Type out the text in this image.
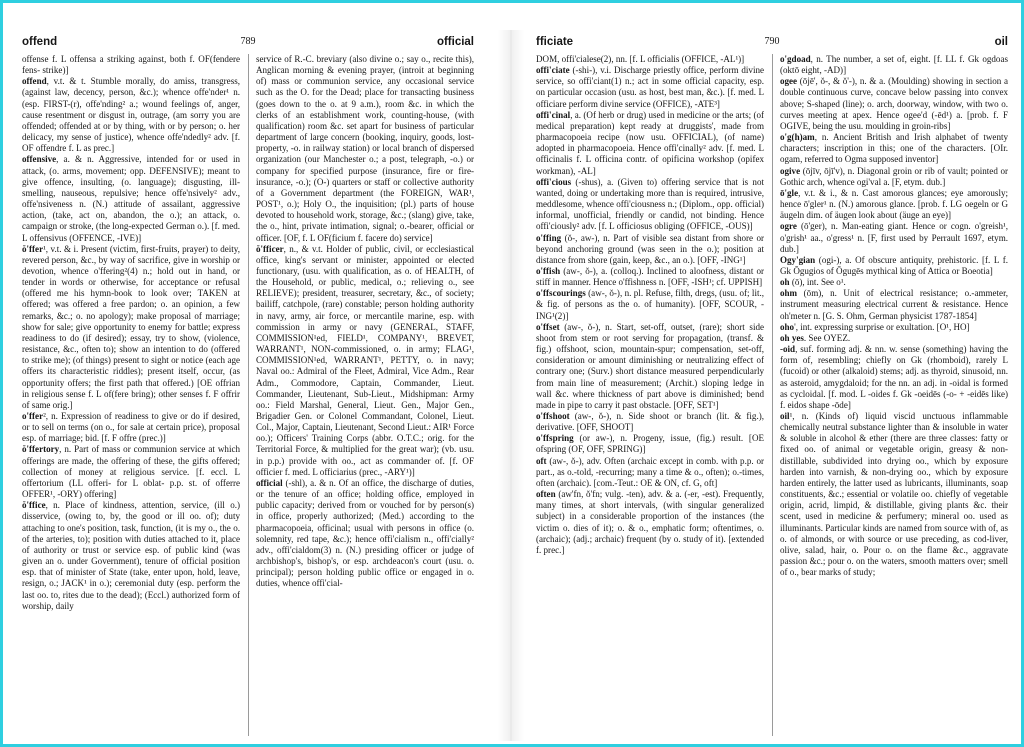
offend	789	official

offense f. L offensa a striking against, both f. OF(fendere fens- strike)]

offend, v.t. & t. Stumble morally, do amiss, transgress, (against law, decency, person, &c.); whence offe'nder¹ n. (esp. FIRST-(r), offe'nding² a.; wound feelings of, anger, cause resentment or disgust in, outrage, (am sorry you are offended; offended at or by thing, with or by person; o. her delicacy, my sense of justice), whence offe'ndedly² adv. [f. OF offendre f. L as prec.]

offensive, a. & n. Aggressive, intended for or used in attack, (o. arms, movement; opp. DEFENSIVE); meant to give offence, insulting, (o. language); disgusting, ill-smelling, nauseous, repulsive; hence offe'nsively² adv., offe'nsiveness n. (N.) attitude of assailant, aggressive action, (take, act on, abandon, the o.); an attack, o. campaign or stroke, (the long-expected German o.). [f. med. L offensivus (OFFENCE, -IVE)]

ŏ'ffer¹, v.t. & i. Present (victim, first-fruits, prayer) to deity, revered person, &c., by way of sacrifice, give in worship or devotion, whence o'ffering²(4) n.; hold out in hand, or tender in words or otherwise, for acceptance or refusal (offered me his hymn-book to look over; TAKEN at offered; was offered a free pardon; o. an opinion, a few remarks, &c.; o. no apology); make proposal of marriage; show for sale; give opportunity to enemy for battle; express readiness to do (if desired); essay, try to show, (violence, resistance, &c., often to); show an intention to do (offered to strike me); (of things) present to sight or notice (each age offers its characteristic riddles); present itself, occur, (as opportunity offers; the first path that offered.) [OE offrian in religious sense f. L of(fere bring); other senses f. F offrir of same orig.]

o'ffer², n. Expression of readiness to give or do if desired, or to sell on terms (on o., for sale at certain price), proposal esp. of marriage; bid. [f. F offre (prec.)]

ŏ'ffertory, n. Part of mass or communion service at which offerings are made, the offering of these, the gifts offered; collection of money at religious service. [f. eccl. L offertorium (LL offeri- for L oblat- p.p. st. of offerre OFFER¹, -ORY) offering]

ŏ'ffice, n. Place of kindness, attention, service, (ill o.) disservice, (owing to, by, the good or ill oo. of); duty attaching to one's position, task, function, (it is my o., the o. of the arteries, to); position with duties attached to it, place of authority or trust or service esp. of public kind (was given an o. under Government), tenure of official position esp. that of minister of State (take, enter upon, hold, leave, resign, o.; JACK¹ in o.); ceremonial duty (esp. perform the last oo. to, rites due to the dead); (Eccl.) authorized form of worship, daily

service of R.-C. breviary (also divine o.; say o., recite this), Anglican morning & evening prayer, (introit at beginning of) mass or communion service, any occasional service such as the O. for the Dead; place for transacting business (goes down to the o. at 9 a.m.), room &c. in which the clerks of an establishment work, counting-house, (with qualification) room &c. set apart for business of particular department of large concern (booking, inquiry, goods, lost-property, -o. in railway station) or local branch of dispersed organization (our Manchester o.; a post, telegraph, -o.) or company for specified purpose (insurance, fire or fire-insurance, -o.); (O-) quarters or staff or collective authority of a Government department (the FOREIGN, WAR¹, POST¹, o.); Holy O., the inquisition; (pl.) parts of house devoted to household work, storage, &c.; (slang) give, take, the o., hint, private intimation, signal; o.-bearer, official or officer. [OF, f. L OF(ficium f. facere do) service]

ŏ'fficer, n., & v.t. Holder of public, civil, or ecclesiastical office, king's servant or minister, appointed or elected functionary, (usu. with qualification, as o. of HEALTH, of the Household, or public, medical, o.; relieving o., see RELIEVE); president, treasurer, secretary, &c., of society; bailiff, catchpole, (rare) constable; person holding authority in navy, army, air force, or mercantile marine, esp. with commission in army or navy (GENERAL, STAFF, COMMISSION¹ed, FIELD¹, COMPANY¹, BREVET, WARRANT¹, NON-commissioned, o. in army; FLAG¹, COMMISSION¹ed, WARRANT¹, PETTY, o. in navy; Naval oo.: Admiral of the Fleet, Admiral, Vice Adm., Rear Adm., Commodore, Captain, Commander, Lieut. Commander, Lieutenant, Sub-Lieut., Midshipman: Army oo.: Field Marshal, General, Lieut. Gen., Major Gen., Brigadier Gen. or Colonel Commandant, Colonel, Lieut. Col., Major, Captain, Lieutenant, Second Lieut.: AIR¹ Force oo.); Officers' Training Corps (abbr. O.T.C.; orig. for the Territorial Force, & multiplied for the great war); (vb. usu. in p.p.) provide with oo., act as commander of. [f. OF officier f. med. L officiarius (prec., -ARY¹)]

official (-shl), a. & n. Of an office, the discharge of duties, or the tenure of an office; holding office, employed in public capacity; derived from or vouched for by person(s) in office, properly authorized; (Med.) according to the pharmacopoeia, officinal; usual with persons in office (o. solemnity, red tape, &c.); hence offi'cialism n., offi'cially² adv., offi'cialdom(3) n. (N.) presiding officer or judge of archbishop's, bishop's, or esp. archdeacon's court (usu. o. principal); person holding public office or engaged in o. duties, whence offi'cial-

fficiate	790	oil

DOM, offi'cialese(2), nn. [f. L officialis (OFFICE, -AL¹)]

offi'ciate (-shi-), v.i. Discharge priestly office, perform divine service, so offi'ciant(1) n.; act in some official capacity, esp. on particular occasion (usu. as host, best man, &c.). [f. med. L officiare perform divine service (OFFICE), -ATE³]

offi'cinal, a. (Of herb or drug) used in medicine or the arts; (of medical preparation) kept ready at druggists', made from pharmacopoeia recipe (now usu. OFFICIAL), (of name) adopted in pharmacopoeia. Hence offi'cinally² adv. [f. med. L officinalis f. L officina contr. of opificina workshop (opifex workman), -AL]

offi'cious (-shus), a. (Given to) offering service that is not wanted, doing or undertaking more than is required, intrusive, meddlesome, whence offi'ciousness n.; (Diplom., opp. official) informal, unofficial, friendly or candid, not binding. Hence offi'ciously² adv. [f. L officiosus obliging (OFFICE, -OUS)]

o'ffing (ŏ-, aw-), n. Part of visible sea distant from shore or beyond anchoring ground (was seen in the o.); position at distance from shore (gain, keep, &c., an o.). [OFF, -ING¹]

o'ffish (aw-, ŏ-), a. (colloq.). Inclined to aloofness, distant or stiff in manner. Hence o'ffishness n. [OFF, -ISH¹; cf. UPPISH]

o'ffscourings (aw-, ŏ-), n. pl. Refuse, filth, dregs, (usu. of; lit., & fig. of persons as the o. of humanity). [OFF, SCOUR, -ING¹(2)]

o'ffset (aw-, ŏ-), n. Start, set-off, outset, (rare); short side shoot from stem or root serving for propagation, (transf. & fig.) offshoot, scion, mountain-spur; compensation, set-off, consideration or amount diminishing or neutralizing effect of contrary one; (Surv.) short distance measured perpendicularly from main line of measurement; (Archit.) sloping ledge in wall &c. where thickness of part above is diminished; bend made in pipe to carry it past obstacle. [OFF, SET¹]

o'ffshoot (aw-, ŏ-), n. Side shoot or branch (lit. & fig.), derivative. [OFF, SHOOT]

o'ffspring (or aw-), n. Progeny, issue, (fig.) result. [OE ofspring (OF, OFF, SPRING)]

oft (aw-, ŏ-), adv. Often (archaic except in comb. with p.p. or part., as o.-told, -recurring; many a time & o., often); o.-times, often (archaic). [com.-Teut.: OE & ON, cf. G, oft]

often (aw'fn, ŏ'fn; vulg. -ten), adv. & a. (-er, -est). Frequently, many times, at short intervals, (with singular generalized subject) in a considerable proportion of the instances (the victim o. dies of it); o. & o., emphatic form; oftentimes, o. (archaic); (adj.; archaic) frequent (by o. study of it). [extended f. prec.]

o'gdoad, n. The number, a set of, eight. [f. LL f. Gk ogdoas (oktō eight, -AD)]

ogee (ōjē', ŏ-, & ŏ'-), n. & a. (Moulding) showing in section a double continuous curve, concave below passing into convex above; S-shaped (line); o. arch, doorway, window, with two o. curves meeting at apex. Hence ogee'd (-ēd¹) a. [prob. f. F OGIVE, being the usu. moulding in groin-ribs]

o'g(h)am, n. Ancient British and Irish alphabet of twenty characters; inscription in this; one of the characters. [OIr. ogam, referred to Ogma supposed inventor]

ogive (ōjīv, ōjī'v), n. Diagonal groin or rib of vault; pointed or Gothic arch, whence ogi'val a. [F, etym. dub.]

ō'gle, v.t. & i., & n. Cast amorous glances; eye amorously; hence ō'gler¹ n. (N.) amorous glance. [prob. f. LG oegeln or G äugeln dim. of äugen look about (äuge an eye)]

ogre (ō'ger), n. Man-eating giant. Hence or cogn. o'greish¹, o'grish¹ aa., o'gress¹ n. [F, first used by Perrault 1697, etym. dub.]

Ogy'gian (ogi-), a. Of obscure antiquity, prehistoric. [f. L f. Gk Ōgugios of Ōgugēs mythical king of Attica or Boeotia]

oh (ō), int. See o¹.

ohm (ōm), n. Unit of electrical resistance; o.-ammeter, instrument measuring electrical current & resistance. Hence oh'meter n. [G. S. Ohm, German physicist 1787-1854]

oho', int. expressing surprise or exultation. [O¹, HO]

oh yes. See OYEZ.

-oid, suf. forming adj. & nn. w. sense (something) having the form of, resembling; chiefly on Gk (rhomboid), rarely L (fucoid) or other (alkaloid) stems; adj. as thyroid, sinusoid, nn. as asteroid, amygdaloid; for the nn. an adj. in -oidal is formed as cycloidal. [f. mod. L -oides f. Gk -oeidēs (-o- + -eidēs like) f. eidos shape -ōde]

oil¹, n. (Kinds of) liquid viscid unctuous inflammable chemically neutral substance lighter than & insoluble in water & soluble in alcohol & ether (there are three classes: fatty or fixed oo. of animal or vegetable origin, greasy & non-distillable, subdivided into drying oo., which by exposure harden into varnish, & non-drying oo., which by exposure harden entirely, the latter used as lubricants, illuminants, soap constituents, &c.; essential or volatile oo. chiefly of vegetable origin, acrid, limpid, & distillable, giving plants &c. their scent, used in medicine & perfumery; mineral oo. used as illuminants. Particular kinds are named from source with of, as o. of almonds, or with source or use preceding, as cod-liver, olive, salad, hair, o. Pour o. on the flame &c., aggravate passion &c.; pour o. on the waters, smooth matters over; smell of o., bear marks of study;
